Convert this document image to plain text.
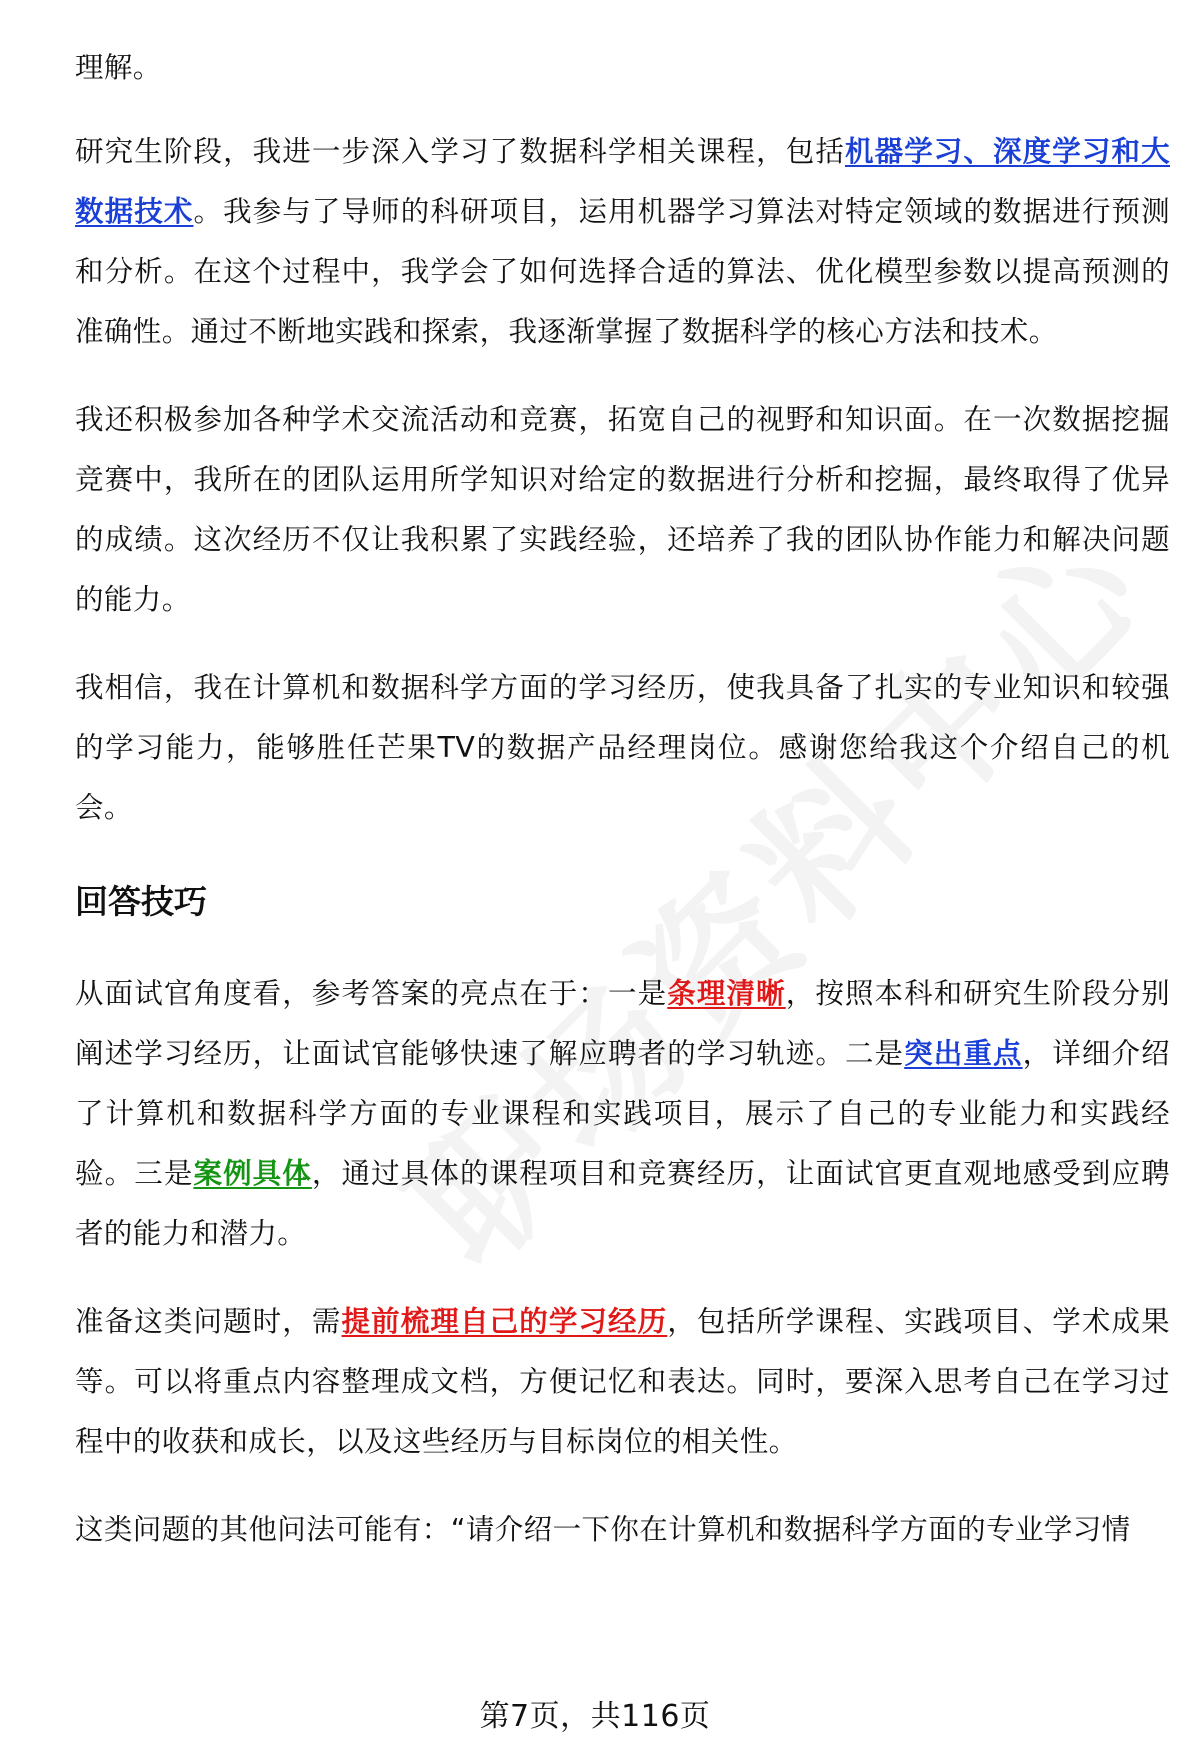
理解。

研究生阶段，我进一步深入学习了数据科学相关课程，包括机器学习、深度学习和大数据技术。我参与了导师的科研项目，运用机器学习算法对特定领域的数据进行预测和分析。在这个过程中，我学会了如何选择合适的算法、优化模型参数以提高预测的准确性。通过不断地实践和探索，我逐渐掌握了数据科学的核心方法和技术。

我还积极参加各种学术交流活动和竞赛，拓宽自己的视野和知识面。在一次数据挖掘竞赛中，我所在的团队运用所学知识对给定的数据进行分析和挖掘，最终取得了优异的成绩。这次经历不仅让我积累了实践经验，还培养了我的团队协作能力和解决问题的能力。

我相信，我在计算机和数据科学方面的学习经历，使我具备了扎实的专业知识和较强的学习能力，能够胜任芒果TV的数据产品经理岗位。感谢您给我这个介绍自己的机会。

回答技巧

从面试官角度看，参考答案的亮点在于：一是条理清晰，按照本科和研究生阶段分别阐述学习经历，让面试官能够快速了解应聘者的学习轨迹。二是突出重点，详细介绍了计算机和数据科学方面的专业课程和实践项目，展示了自己的专业能力和实践经验。三是案例具体，通过具体的课程项目和竞赛经历，让面试官更直观地感受到应聘者的能力和潜力。

准备这类问题时，需提前梳理自己的学习经历，包括所学课程、实践项目、学术成果等。可以将重点内容整理成文档，方便记忆和表达。同时，要深入思考自己在学习过程中的收获和成长，以及这些经历与目标岗位的相关性。

这类问题的其他问法可能有：“请介绍一下你在计算机和数据科学方面的专业学习情

第7页，共116页
